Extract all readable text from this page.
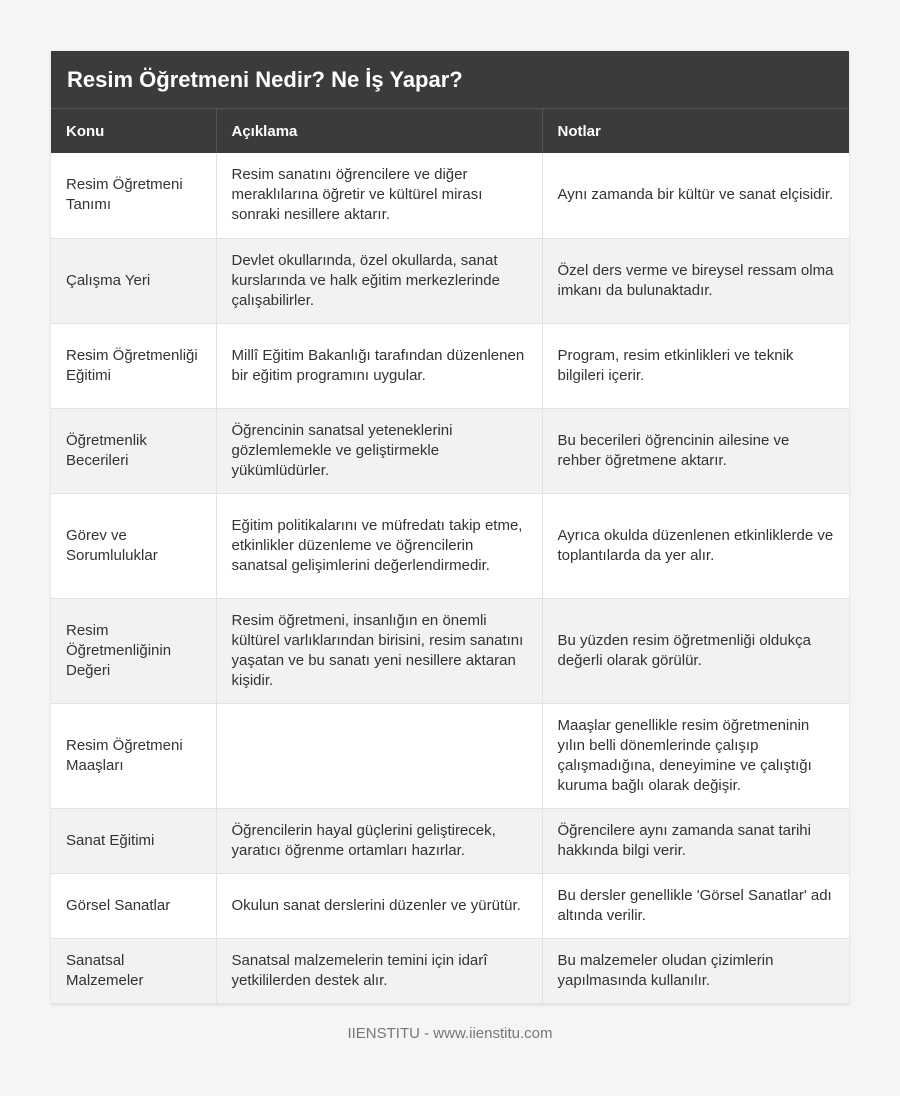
Resim Öğretmeni Nedir? Ne İş Yapar?
Konu	Açıklama	Notlar
Resim Öğretmeni Tanımı	Resim sanatını öğrencilere ve diğer meraklılarına öğretir ve kültürel mirası sonraki nesillere aktarır.	Aynı zamanda bir kültür ve sanat elçisidir.
Çalışma Yeri	Devlet okullarında, özel okullarda, sanat kurslarında ve halk eğitim merkezlerinde çalışabilirler.	Özel ders verme ve bireysel ressam olma imkanı da bulunaktadır.
Resim Öğretmenliği Eğitimi	Millî Eğitim Bakanlığı tarafından düzenlenen bir eğitim programını uygular.	Program, resim etkinlikleri ve teknik bilgileri içerir.
Öğretmenlik Becerileri	Öğrencinin sanatsal yeteneklerini gözlemlemekle ve geliştirmekle yükümlüdürler.	Bu becerileri öğrencinin ailesine ve rehber öğretmene aktarır.
Görev ve Sorumluluklar	Eğitim politikalarını ve müfredatı takip etme, etkinlikler düzenleme ve öğrencilerin sanatsal gelişimlerini değerlendirmedir.	Ayrıca okulda düzenlenen etkinliklerde ve toplantılarda da yer alır.
Resim Öğretmenliğinin Değeri	Resim öğretmeni, insanlığın en önemli kültürel varlıklarından birisini, resim sanatını yaşatan ve bu sanatı yeni nesillere aktaran kişidir.	Bu yüzden resim öğretmenliği oldukça değerli olarak görülür.
Resim Öğretmeni Maaşları		Maaşlar genellikle resim öğretmeninin yılın belli dönemlerinde çalışıp çalışmadığına, deneyimine ve çalıştığı kuruma bağlı olarak değişir.
Sanat Eğitimi	Öğrencilerin hayal güçlerini geliştirecek, yaratıcı öğrenme ortamları hazırlar.	Öğrencilere aynı zamanda sanat tarihi hakkında bilgi verir.
Görsel Sanatlar	Okulun sanat derslerini düzenler ve yürütür.	Bu dersler genellikle 'Görsel Sanatlar' adı altında verilir.
Sanatsal Malzemeler	Sanatsal malzemelerin temini için idarî yetkililerden destek alır.	Bu malzemeler oludan çizimlerin yapılmasında kullanılır.
IIENSTITU - www.iienstitu.com
